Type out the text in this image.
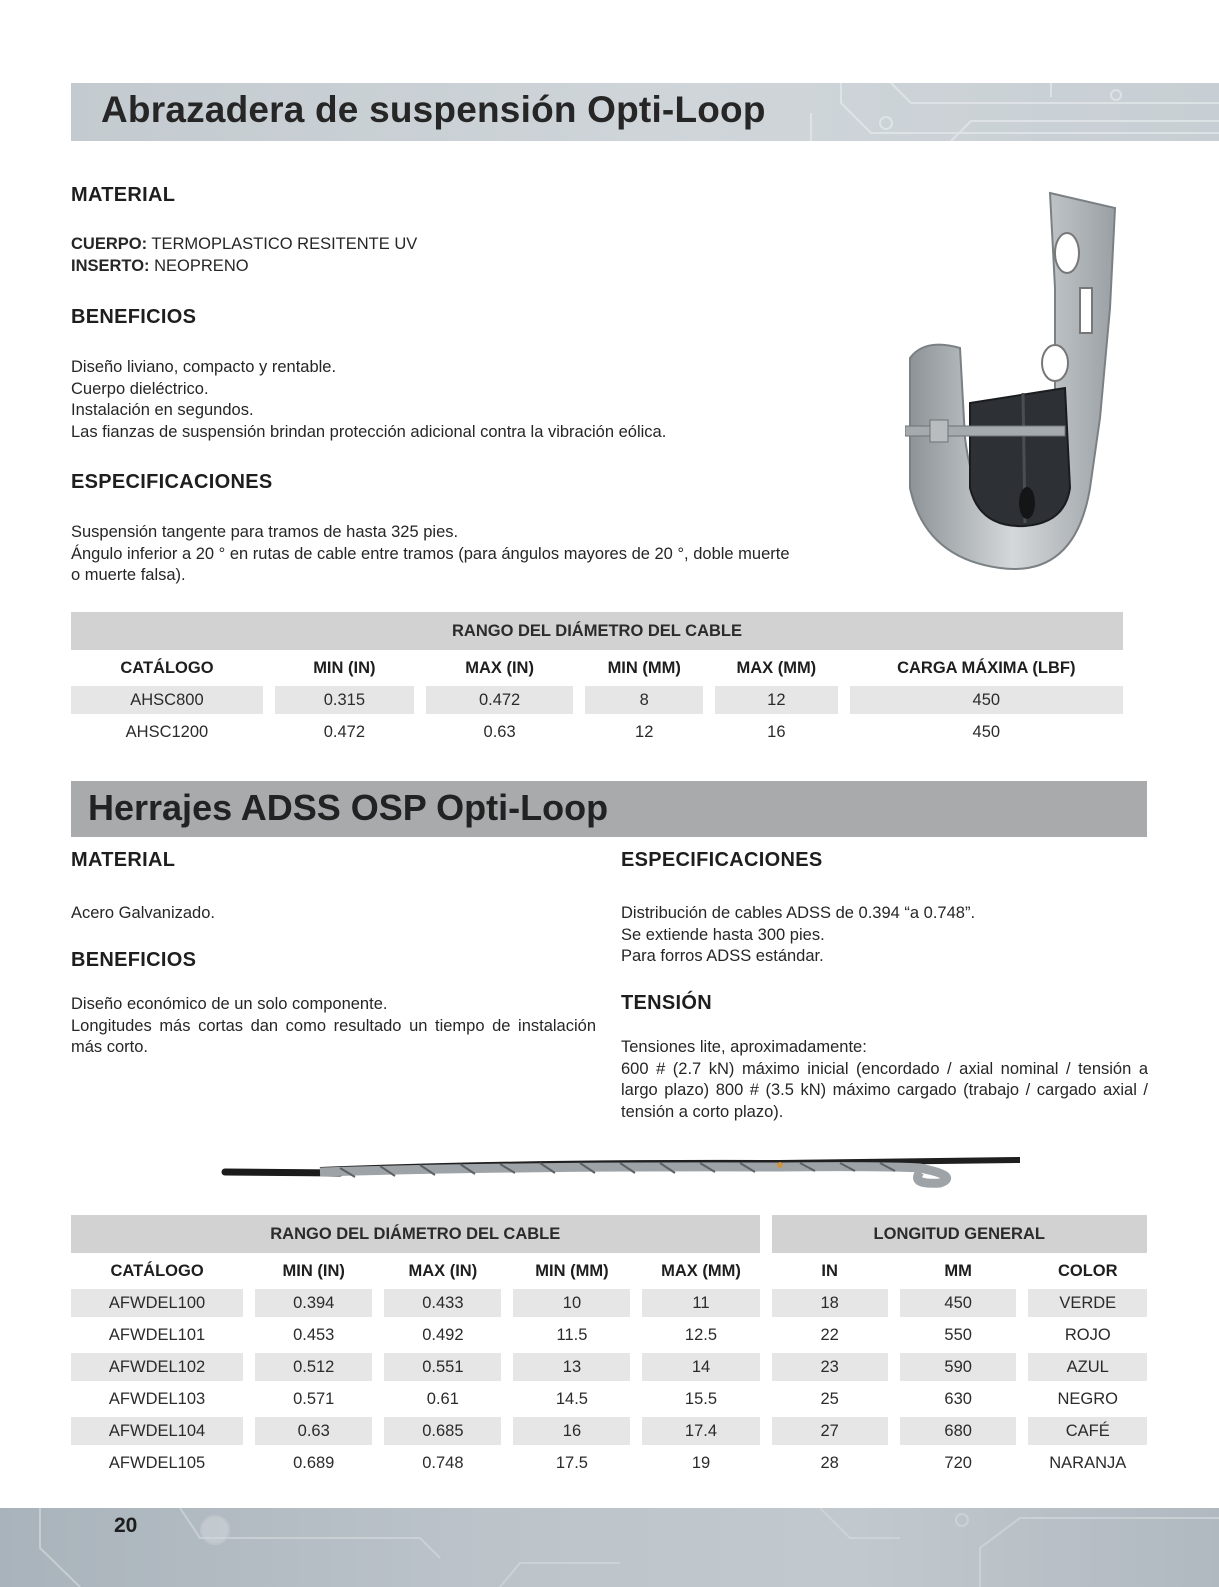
Abrazadera de suspensión Opti-Loop
MATERIAL
CUERPO: TERMOPLASTICO RESITENTE UV
INSERTO: NEOPRENO
BENEFICIOS
Diseño liviano, compacto y rentable.
Cuerpo dieléctrico.
Instalación en segundos.
Las fianzas de suspensión brindan protección adicional contra la vibración eólica.
ESPECIFICACIONES
Suspensión tangente para tramos de hasta 325 pies.
Ángulo inferior a 20 ° en rutas de cable entre tramos (para ángulos mayores de 20 °, doble muerte
o muerte falsa).
RANGO DEL DIÁMETRO DEL CABLE					
CATÁLOGO	MIN (IN)	MAX (IN)	MIN (MM)	MAX (MM)	CARGA MÁXIMA (LBF)
AHSC800	0.315	0.472	8	12	450
AHSC1200	0.472	0.63	12	16	450
Herrajes ADSS OSP Opti-Loop
MATERIAL
Acero Galvanizado.
BENEFICIOS
Diseño económico de un solo componente.
Longitudes más cortas dan como resultado un tiempo de instalación más corto.
ESPECIFICACIONES
Distribución de cables ADSS de 0.394 “a 0.748”.
Se extiende hasta 300 pies.
Para forros ADSS estándar.
TENSIÓN
Tensiones lite, aproximadamente:
600 # (2.7 kN) máximo inicial (encordado / axial nominal / tensión a largo plazo) 800 # (3.5 kN) máximo cargado (trabajo / cargado axial / tensión a corto plazo).
RANGO DEL DIÁMETRO DEL CABLE					LONGITUD GENERAL		
CATÁLOGO	MIN (IN)	MAX (IN)	MIN (MM)	MAX (MM)	IN	MM	COLOR
AFWDEL100	0.394	0.433	10	11	18	450	VERDE
AFWDEL101	0.453	0.492	11.5	12.5	22	550	ROJO
AFWDEL102	0.512	0.551	13	14	23	590	AZUL
AFWDEL103	0.571	0.61	14.5	15.5	25	630	NEGRO
AFWDEL104	0.63	0.685	16	17.4	27	680	CAFÉ
AFWDEL105	0.689	0.748	17.5	19	28	720	NARANJA
20
